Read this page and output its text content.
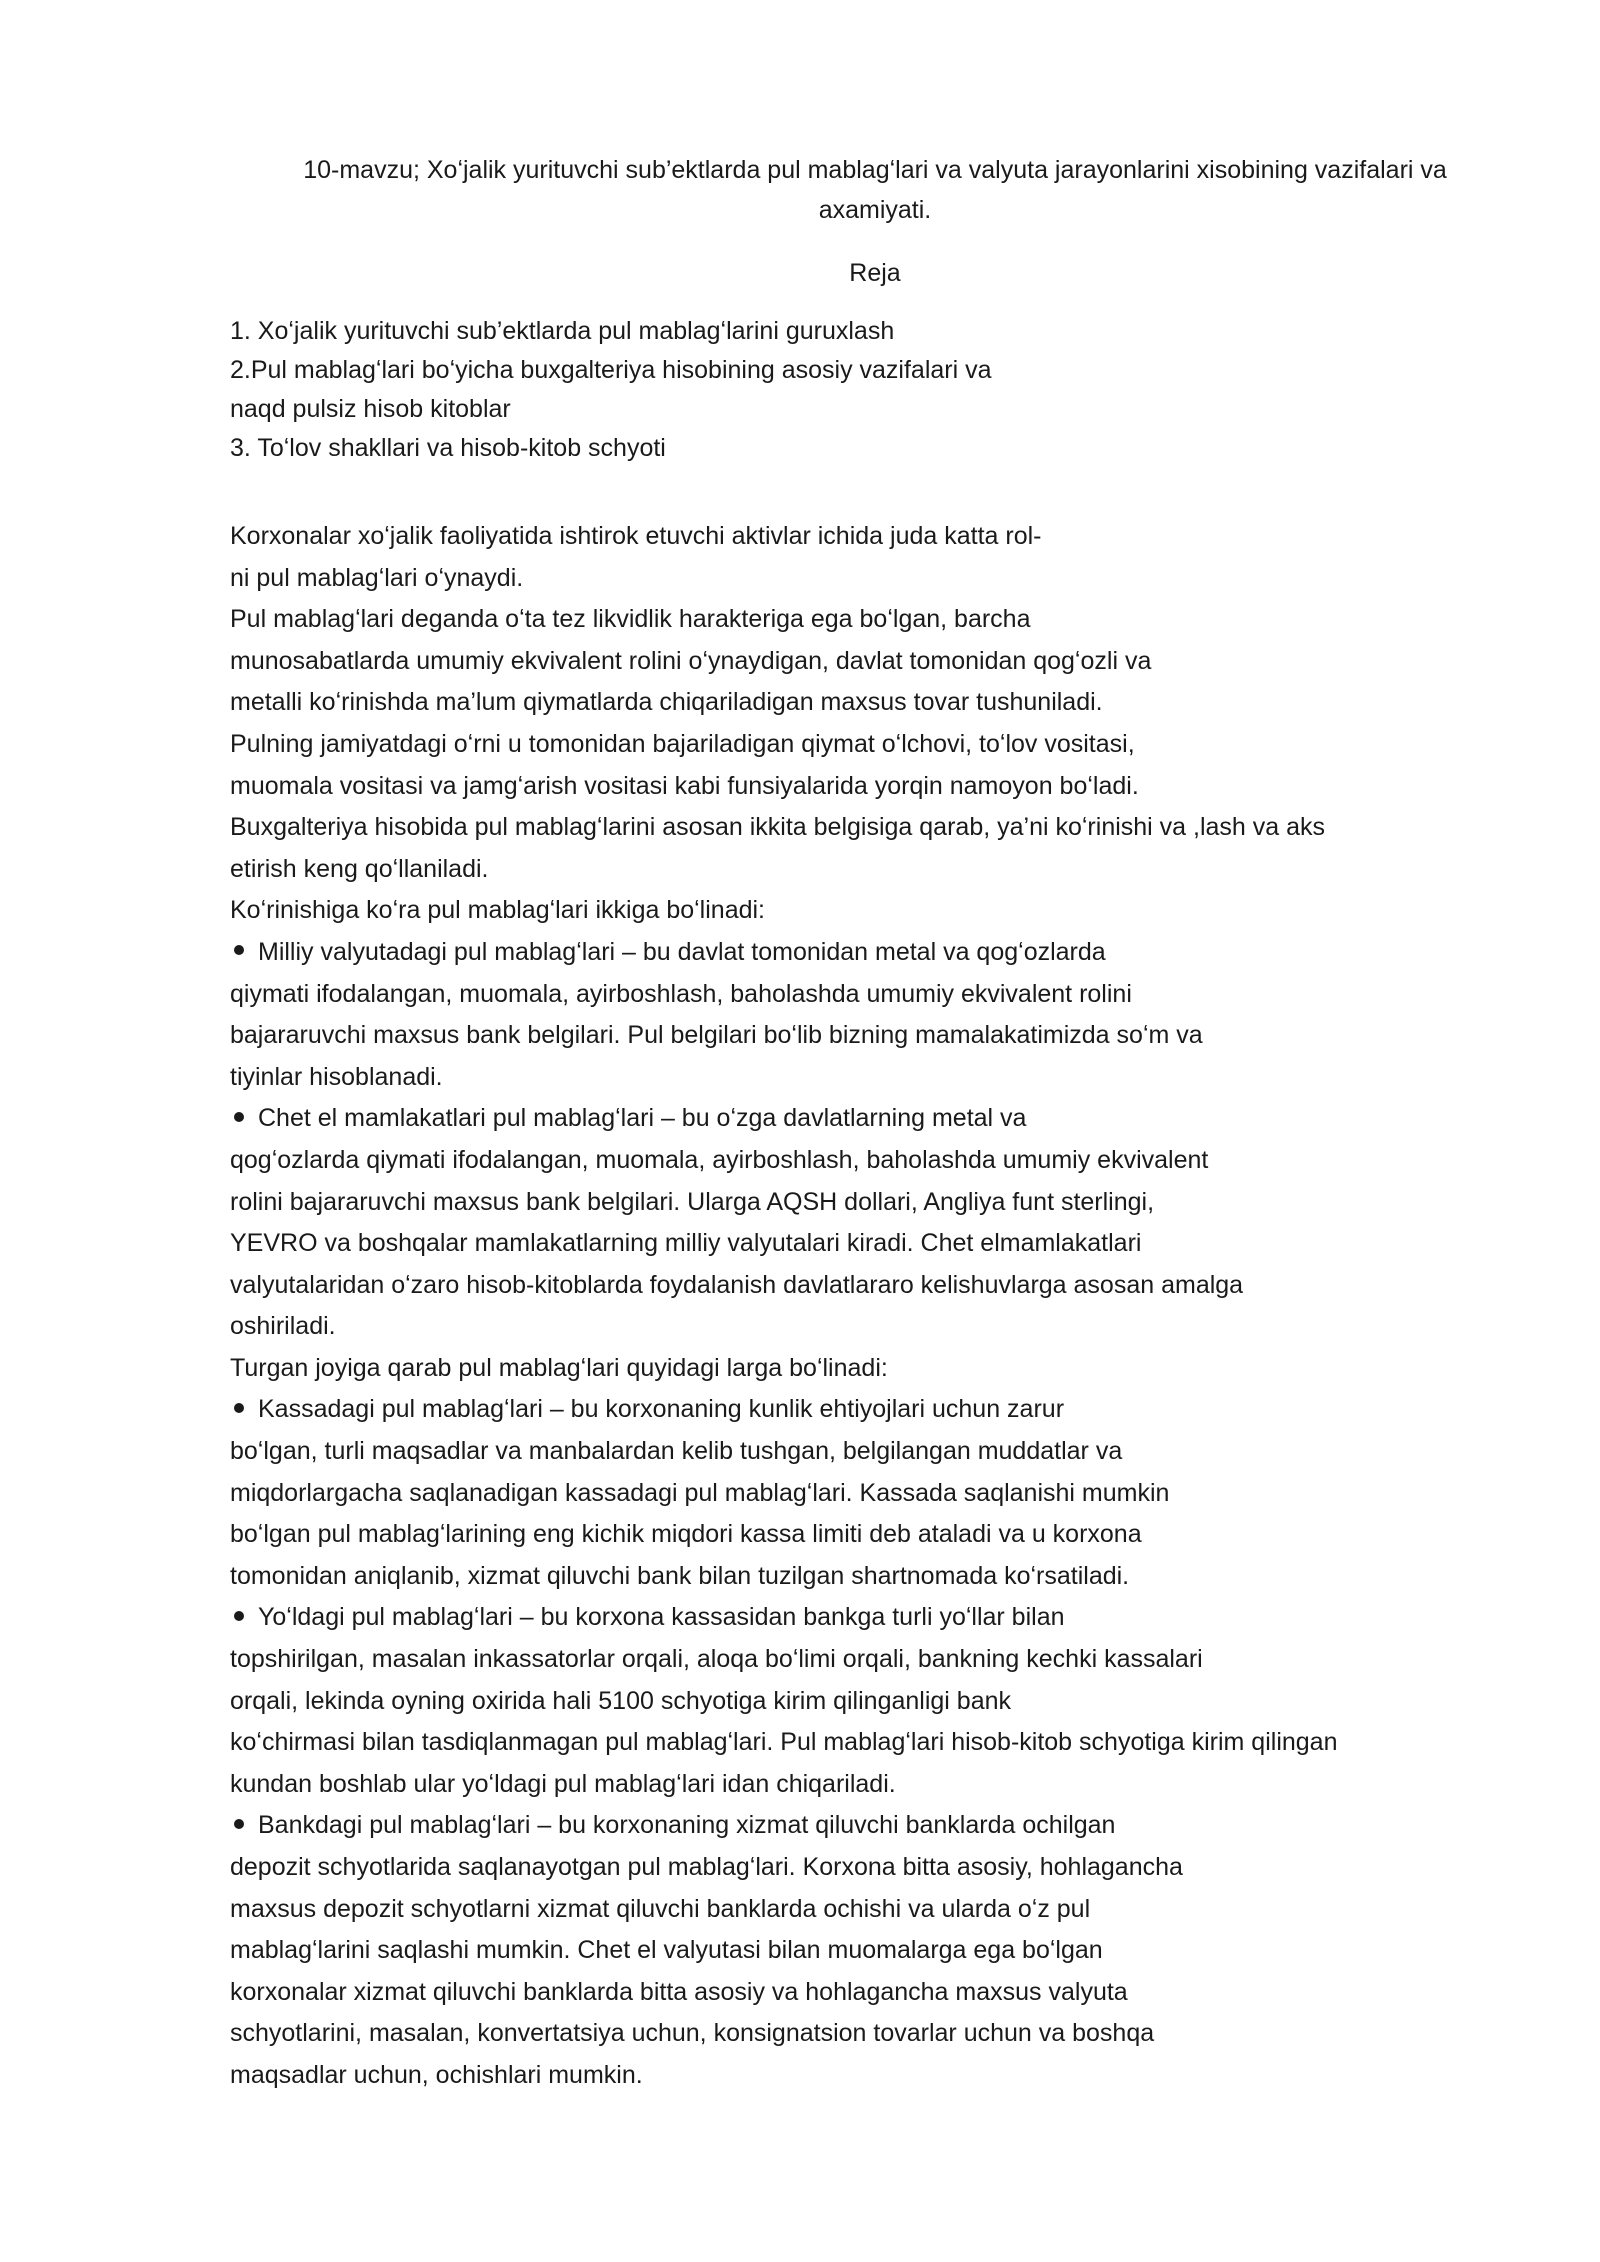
10-mavzu; Xoʻjalik yurituvchi sub’ektlarda pul mablagʻlari va valyuta jarayonlarini xisobining vazifalari va
axamiyati.
Reja
1. Xoʻjalik yurituvchi sub’ektlarda pul mablagʻlarini guruxlash
2.Pul mablagʻlari boʻyicha buxgalteriya hisobining asosiy vazifalari va
naqd pulsiz hisob kitoblar
3. Toʻlov shakllari va hisob-kitob schyoti
Korxonalar xoʻjalik faoliyatida ishtirok etuvchi aktivlar ichida juda katta rol-
ni pul mablagʻlari oʻynaydi.
Pul mablagʻlari deganda oʻta tez likvidlik harakteriga ega boʻlgan, barcha
munosabatlarda umumiy ekvivalent rolini oʻynaydigan, davlat tomonidan qogʻozli va
metalli koʻrinishda ma’lum qiymatlarda chiqariladigan maxsus tovar tushuniladi.
Pulning jamiyatdagi oʻrni u tomonidan bajariladigan qiymat oʻlchovi, toʻlov vositasi,
muomala vositasi va jamgʻarish vositasi kabi funsiyalarida yorqin namoyon boʻladi.
Buxgalteriya hisobida pul mablagʻlarini asosan ikkita belgisiga qarab, ya’ni koʻrinishi va ,lash va aks
etirish keng qoʻllaniladi.
Koʻrinishiga koʻra pul mablagʻlari ikkiga boʻlinadi:
Milliy valyutadagi pul mablagʻlari – bu davlat tomonidan metal va qogʻozlarda
qiymati ifodalangan, muomala, ayirboshlash, baholashda umumiy ekvivalent rolini
bajararuvchi maxsus bank belgilari. Pul belgilari boʻlib bizning mamalakatimizda soʻm va
tiyinlar hisoblanadi.
Chet el mamlakatlari pul mablagʻlari – bu oʻzga davlatlarning metal va
qogʻozlarda qiymati ifodalangan, muomala, ayirboshlash, baholashda umumiy ekvivalent
rolini bajararuvchi maxsus bank belgilari. Ularga AQSH dollari, Angliya funt sterlingi,
YEVRO va boshqalar mamlakatlarning milliy valyutalari kiradi. Chet elmamlakatlari
valyutalaridan oʻzaro hisob-kitoblarda foydalanish davlatlararo kelishuvlarga asosan amalga
oshiriladi.
Turgan joyiga qarab pul mablagʻlari quyidagi larga boʻlinadi:
Kassadagi pul mablagʻlari – bu korxonaning kunlik ehtiyojlari uchun zarur
boʻlgan, turli maqsadlar va manbalardan kelib tushgan, belgilangan muddatlar va
miqdorlargacha saqlanadigan kassadagi pul mablagʻlari. Kassada saqlanishi mumkin
boʻlgan pul mablagʻlarining eng kichik miqdori kassa limiti deb ataladi va u korxona
tomonidan aniqlanib, xizmat qiluvchi bank bilan tuzilgan shartnomada koʻrsatiladi.
Yoʻldagi pul mablagʻlari – bu korxona kassasidan bankga turli yoʻllar bilan
topshirilgan, masalan inkassatorlar orqali, aloqa boʻlimi orqali, bankning kechki kassalari
orqali, lekinda oyning oxirida hali 5100 schyotiga kirim qilinganligi bank
koʻchirmasi bilan tasdiqlanmagan pul mablagʻlari. Pul mablagʻlari hisob-kitob schyotiga kirim qilingan
kundan boshlab ular yoʻldagi pul mablagʻlari idan chiqariladi.
Bankdagi pul mablagʻlari – bu korxonaning xizmat qiluvchi banklarda ochilgan
depozit schyotlarida saqlanayotgan pul mablagʻlari. Korxona bitta asosiy, hohlagancha
maxsus depozit schyotlarni xizmat qiluvchi banklarda ochishi va ularda oʻz pul
mablagʻlarini saqlashi mumkin. Chet el valyutasi bilan muomalarga ega boʻlgan
korxonalar xizmat qiluvchi banklarda bitta asosiy va hohlagancha maxsus valyuta
schyotlarini, masalan, konvertatsiya uchun, konsignatsion tovarlar uchun va boshqa
maqsadlar uchun, ochishlari mumkin.
